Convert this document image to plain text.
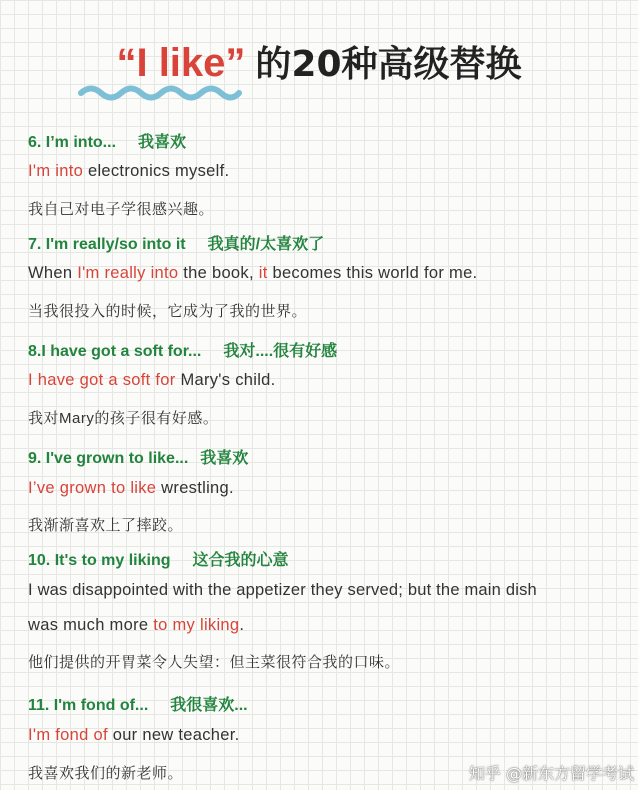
“I like” 的20种高级替换
6. I’m into... 我喜欢
I'm into electronics myself.
我自己对电子学很感兴趣。
7. I'm really/so into it 我真的/太喜欢了
When I'm really into the book, it becomes this world for me.
当我很投入的时候，它成为了我的世界。
8.I have got a soft for... 我对....很有好感
I have got a soft for Mary's child.
我对Mary的孩子很有好感。
9. I've grown to like... 我喜欢
I’ve grown to like wrestling.
我渐渐喜欢上了摔跤。
10. It's to my liking 这合我的心意
I was disappointed with the appetizer they served; but the main dish
was much more to my liking.
他们提供的开胃菜令人失望：但主菜很符合我的口味。
11. I'm fond of... 我很喜欢...
I'm fond of our new teacher.
我喜欢我们的新老师。	知乎 @新东方留学考试
